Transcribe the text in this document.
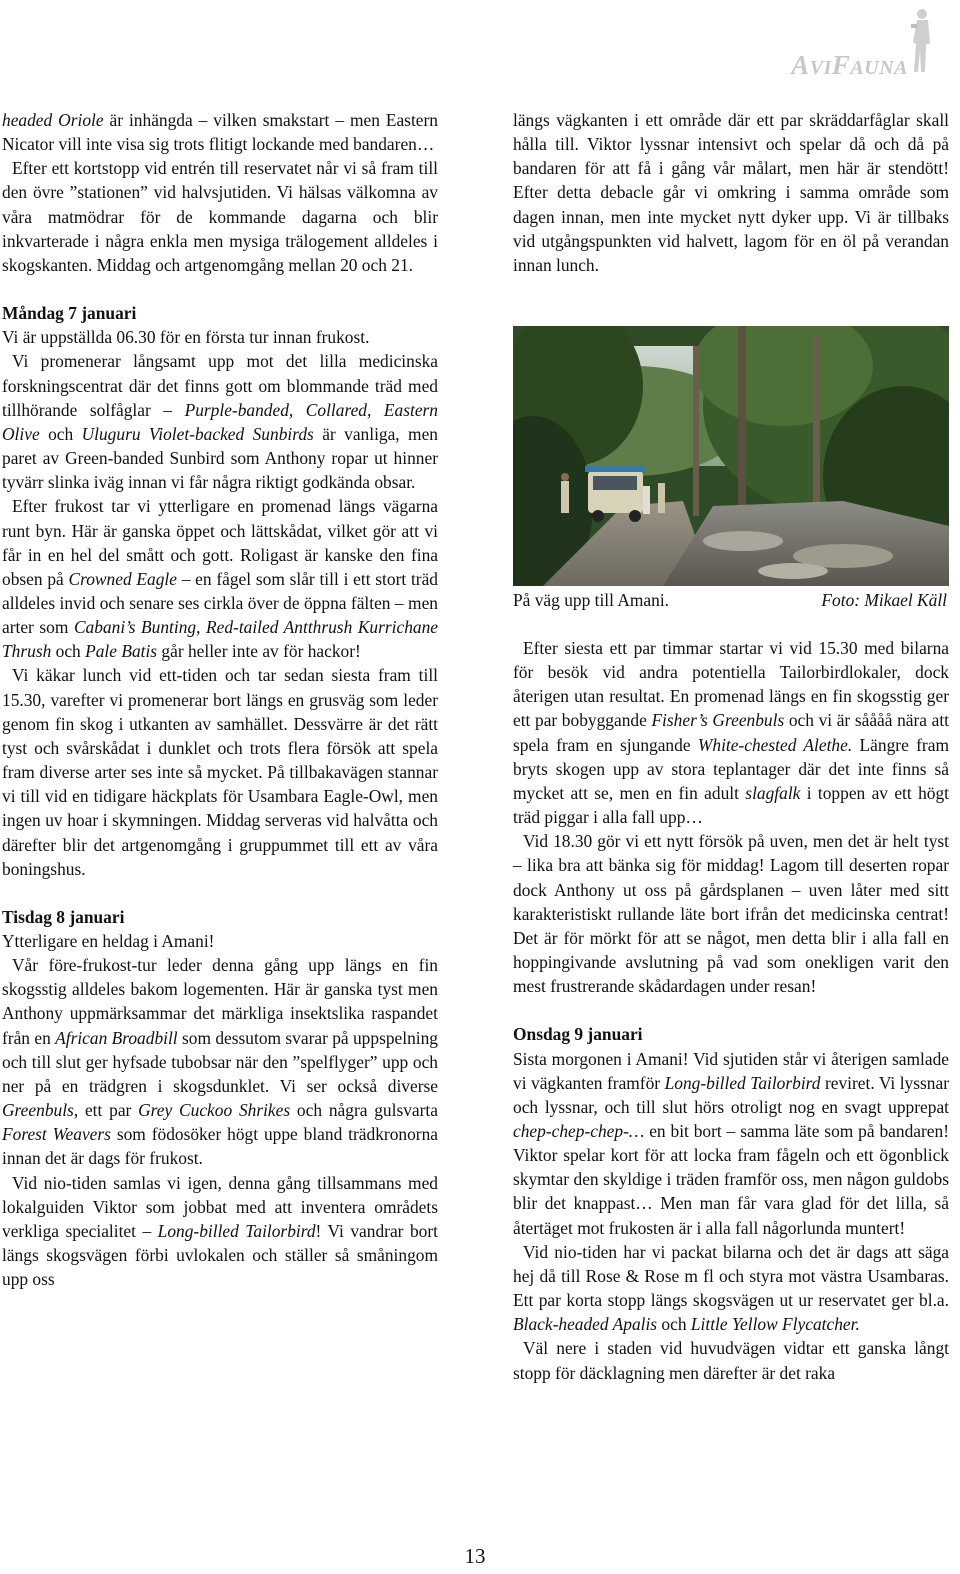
AVIFAUNA

headed Oriole är inhängda – vilken smakstart – men Eastern Nicator vill inte visa sig trots flitigt lockande med bandaren…

Efter ett kortstopp vid entrén till reservatet når vi så fram till den övre ”stationen” vid halvsjutiden. Vi hälsas välkomna av våra matmödrar för de kommande dagarna och blir inkvarterade i några enkla men mysiga trälogement alldeles i skogskanten. Middag och artgenomgång mellan 20 och 21.

Måndag 7 januari

Vi är uppställda 06.30 för en första tur innan frukost.

Vi promenerar långsamt upp mot det lilla medicinska forskningscentrat där det finns gott om blommande träd med tillhörande solfåglar – Purple-banded, Collared, Eastern Olive och Uluguru Violet-backed Sunbirds är vanliga, men paret av Green-banded Sunbird som Anthony ropar ut hinner tyvärr slinka iväg innan vi får några riktigt godkända obsar.

Efter frukost tar vi ytterligare en promenad längs vägarna runt byn. Här är ganska öppet och lättskådat, vilket gör att vi får in en hel del smått och gott. Roligast är kanske den fina obsen på Crowned Eagle – en fågel som slår till i ett stort träd alldeles invid och senare ses cirkla över de öppna fälten – men arter som Cabani’s Bunting, Red-tailed Antthrush Kurrichane Thrush och Pale Batis går heller inte av för hackor!

Vi käkar lunch vid ett-tiden och tar sedan siesta fram till 15.30, varefter vi promenerar bort längs en grusväg som leder genom fin skog i utkanten av samhället. Dessvärre är det rätt tyst och svårskådat i dunklet och trots flera försök att spela fram diverse arter ses inte så mycket. På tillbakavägen stannar vi till vid en tidigare häckplats för Usambara Eagle-Owl, men ingen uv hoar i skymningen. Middag serveras vid halvåtta och därefter blir det artgenomgång i gruppummet till ett av våra boningshus.

Tisdag 8 januari

Ytterligare en heldag i Amani!

Vår före-frukost-tur leder denna gång upp längs en fin skogsstig alldeles bakom logementen. Här är ganska tyst men Anthony uppmärksammar det märkliga insektslika raspandet från en African Broadbill som dessutom svarar på uppspelning och till slut ger hyfsade tubobsar när den ”spelflyger” upp och ner på en trädgren i skogsdunklet. Vi ser också diverse Greenbuls, ett par Grey Cuckoo Shrikes och några gulsvarta Forest Weavers som födosöker högt uppe bland trädkronorna innan det är dags för frukost.

Vid nio-tiden samlas vi igen, denna gång tillsammans med lokalguiden Viktor som jobbat med att inventera områdets verkliga specialitet – Long-billed Tailorbird! Vi vandrar bort längs skogsvägen förbi uvlokalen och ställer så småningom upp oss

längs vägkanten i ett område där ett par skräddarfåglar skall hålla till. Viktor lyssnar intensivt och spelar då och då på bandaren för att få i gång vår målart, men här är stendött! Efter detta debacle går vi omkring i samma område som dagen innan, men inte mycket nytt dyker upp. Vi är tillbaks vid utgångspunkten vid halvett, lagom för en öl på verandan innan lunch.

På väg upp till Amani.	Foto: Mikael Käll

Efter siesta ett par timmar startar vi vid 15.30 med bilarna för besök vid andra potentiella Tailorbirdlokaler, dock återigen utan resultat. En promenad längs en fin skogsstig ger ett par bobyggande Fisher’s Greenbuls och vi är såååå nära att spela fram en sjungande White-chested Alethe. Längre fram bryts skogen upp av stora teplantager där det inte finns så mycket att se, men en fin adult slagfalk i toppen av ett högt träd piggar i alla fall upp…

Vid 18.30 gör vi ett nytt försök på uven, men det är helt tyst – lika bra att bänka sig för middag! Lagom till deserten ropar dock Anthony ut oss på gårdsplanen – uven låter med sitt karakteristiskt rullande läte bort ifrån det medicinska centrat! Det är för mörkt för att se något, men detta blir i alla fall en hoppingivande avslutning på vad som onekligen varit den mest frustrerande skådardagen under resan!

Onsdag 9 januari

Sista morgonen i Amani! Vid sjutiden står vi återigen samlade vi vägkanten framför Long-billed Tailorbird reviret. Vi lyssnar och lyssnar, och till slut hörs otroligt nog en svagt upprepat chep-chep-chep-… en bit bort – samma läte som på bandaren! Viktor spelar kort för att locka fram fågeln och ett ögonblick skymtar den skyldige i träden framför oss, men någon guldobs blir det knappast… Men man får vara glad för det lilla, så återtäget mot frukosten är i alla fall någorlunda muntert!

Vid nio-tiden har vi packat bilarna och det är dags att säga hej då till Rose & Rose m fl och styra mot västra Usambaras. Ett par korta stopp längs skogsvägen ut ur reservatet ger bl.a. Black-headed Apalis och Little Yellow Flycatcher.

Väl nere i staden vid huvudvägen vidtar ett ganska långt stopp för däcklagning men därefter är det raka

13
